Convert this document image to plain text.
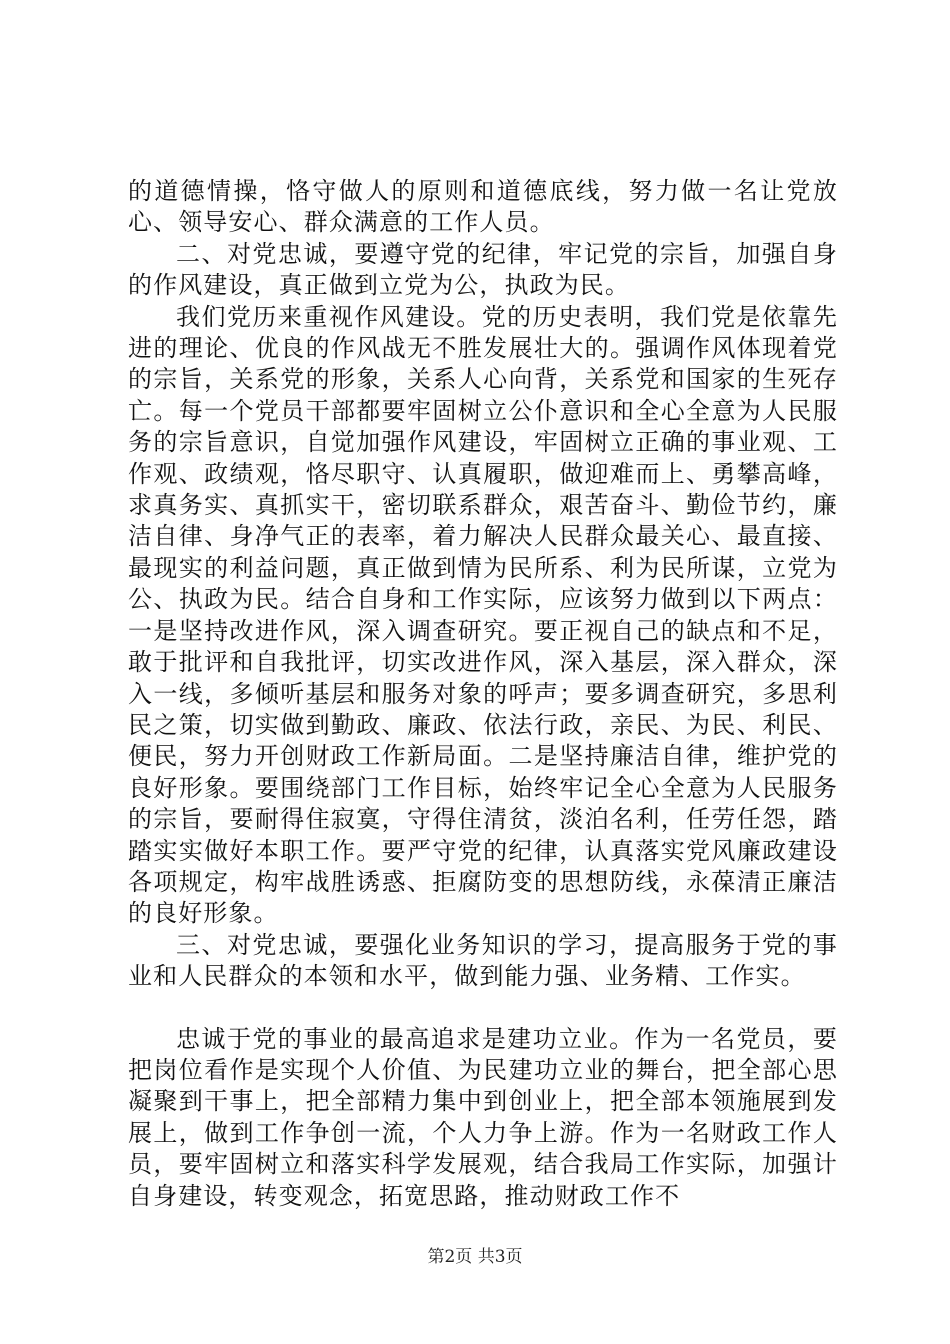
的道德情操，恪守做人的原则和道德底线，努力做一名让党放心、领导安心、群众满意的工作人员。

二、对党忠诚，要遵守党的纪律，牢记党的宗旨，加强自身的作风建设，真正做到立党为公，执政为民。

我们党历来重视作风建设。党的历史表明，我们党是依靠先进的理论、优良的作风战无不胜发展壮大的。强调作风体现着党的宗旨，关系党的形象，关系人心向背，关系党和国家的生死存亡。每一个党员干部都要牢固树立公仆意识和全心全意为人民服务的宗旨意识，自觉加强作风建设，牢固树立正确的事业观、工作观、政绩观，恪尽职守、认真履职，做迎难而上、勇攀高峰，求真务实、真抓实干，密切联系群众，艰苦奋斗、勤俭节约，廉洁自律、身净气正的表率，着力解决人民群众最关心、最直接、最现实的利益问题，真正做到情为民所系、利为民所谋，立党为公、执政为民。结合自身和工作实际，应该努力做到以下两点：一是坚持改进作风，深入调查研究。要正视自己的缺点和不足，敢于批评和自我批评，切实改进作风，深入基层，深入群众，深入一线，多倾听基层和服务对象的呼声；要多调查研究，多思利民之策，切实做到勤政、廉政、依法行政，亲民、为民、利民、便民，努力开创财政工作新局面。二是坚持廉洁自律，维护党的良好形象。要围绕部门工作目标，始终牢记全心全意为人民服务的宗旨，要耐得住寂寞，守得住清贫，淡泊名利，任劳任怨，踏踏实实做好本职工作。要严守党的纪律，认真落实党风廉政建设各项规定，构牢战胜诱惑、拒腐防变的思想防线，永葆清正廉洁的良好形象。

三、对党忠诚，要强化业务知识的学习，提高服务于党的事业和人民群众的本领和水平，做到能力强、业务精、工作实。

忠诚于党的事业的最高追求是建功立业。作为一名党员，要把岗位看作是实现个人价值、为民建功立业的舞台，把全部心思凝聚到干事上，把全部精力集中到创业上，把全部本领施展到发展上，做到工作争创一流，个人力争上游。作为一名财政工作人员，要牢固树立和落实科学发展观，结合我局工作实际，加强计自身建设，转变观念，拓宽思路，推动财政工作不

第2页 共3页
